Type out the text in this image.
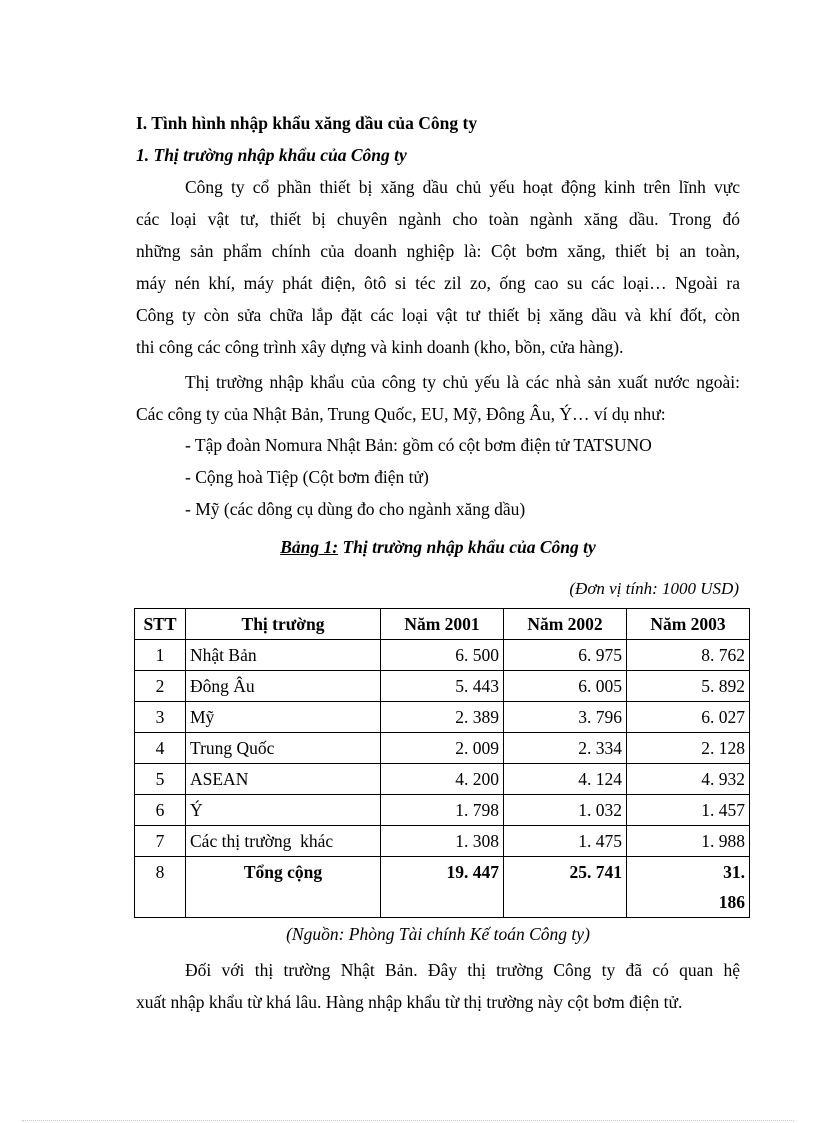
I. Tình hình nhập khẩu xăng dầu của Công ty
1. Thị trường nhập khẩu của Công ty
Công ty cổ phần thiết bị xăng dầu chủ yếu hoạt động kinh trên lĩnh vực
các loại vật tư, thiết bị chuyên ngành cho toàn ngành xăng dầu. Trong đó
những sản phẩm chính của doanh nghiệp là: Cột bơm xăng, thiết bị an toàn,
máy nén khí, máy phát điện, ôtô si téc zil zo, ống cao su các loại… Ngoài ra
Công ty còn sửa chữa lắp đặt các loại vật tư thiết bị xăng dầu và khí đốt, còn
thi công các công trình xây dựng và kinh doanh (kho, bồn, cửa hàng).
Thị trường nhập khẩu của công ty chủ yếu là các nhà sản xuất nước ngoài:
Các công ty của Nhật Bản, Trung Quốc, EU, Mỹ, Đông Âu, Ý… ví dụ như:
- Tập đoàn Nomura Nhật Bản: gồm có cột bơm điện tử TATSUNO
- Cộng hoà Tiệp (Cột bơm điện tử)
- Mỹ (các dông cụ dùng đo cho ngành xăng dầu)
Bảng 1: Thị trường nhập khẩu của Công ty
(Đơn vị tính: 1000 USD)
STT	Thị trường	Năm 2001	Năm 2002	Năm 2003
1	Nhật Bản	6. 500	6. 975	8. 762
2	Đông Âu	5. 443	6. 005	5. 892
3	Mỹ	2. 389	3. 796	6. 027
4	Trung Quốc	2. 009	2. 334	2. 128
5	ASEAN	4. 200	4. 124	4. 932
6	Ý	1. 798	1. 032	1. 457
7	Các thị trường  khác	1. 308	1. 475	1. 988
8	Tổng cộng	19. 447	25. 741	31.
186
(Nguồn: Phòng Tài chính Kế toán Công ty)
Đối với thị trường Nhật Bản. Đây thị trường Công ty đã có quan hệ
xuất nhập khẩu từ khá lâu. Hàng nhập khẩu từ thị trường này cột bơm điện tử.
